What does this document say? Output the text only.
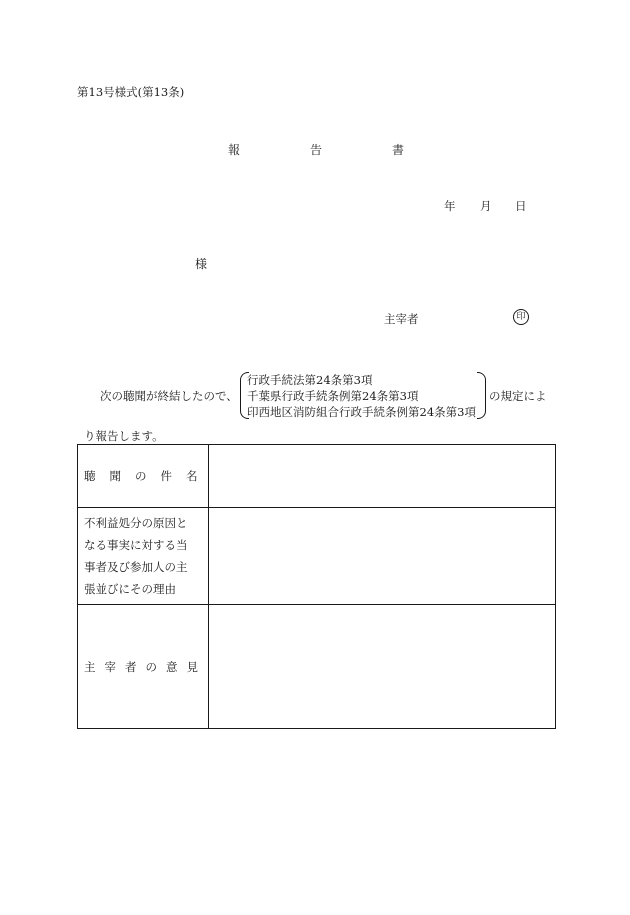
第13号様式(第13条)
報	告	書
年 月 日
様
主宰者	印
次の聴聞が終結したので、
行政手続法第24条第3項
千葉県行政手続条例第24条第3項
印西地区消防組合行政手続条例第24条第3項
の規定によ
り報告します。
聴 聞 の 件 名	

不利益処分の原因と
なる事実に対する当
事者及び参加人の主
張並びにその理由	

主 宰 者 の 意 見	
